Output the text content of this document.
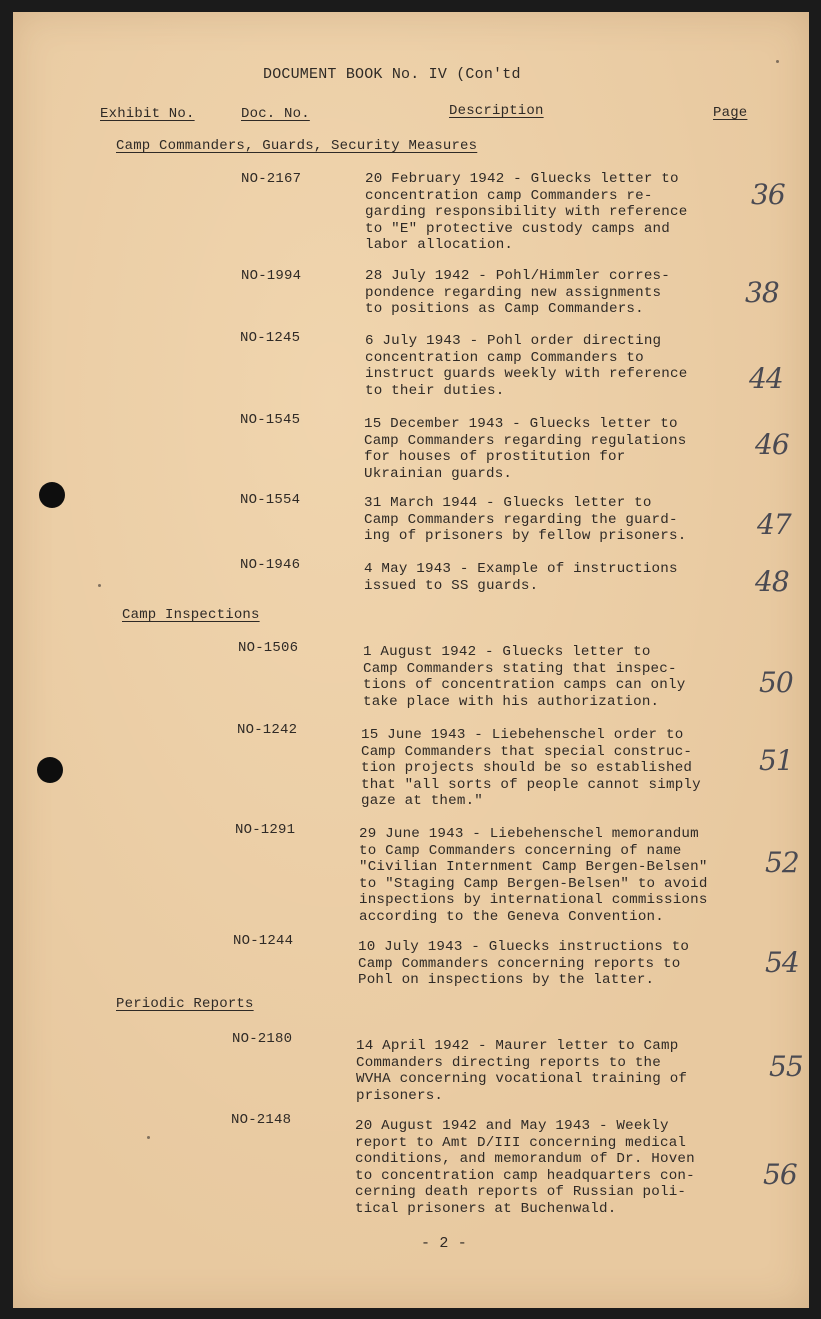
DOCUMENT BOOK No. IV (Con'td
Exhibit No.	Doc. No.	Description	Page
Camp Commanders, Guards, Security Measures
NO-2167	20 February 1942 - Gluecks letter to
concentration camp Commanders re-
garding responsibility with reference
to "E" protective custody camps and
labor allocation.
36
NO-1994	28 July 1942 - Pohl/Himmler corres-
pondence regarding new assignments
to positions as Camp Commanders.	38
NO-1245	6 July 1943 - Pohl order directing
concentration camp Commanders to
instruct guards weekly with reference
to their duties.	44
NO-1545	15 December 1943 - Gluecks letter to
Camp Commanders regarding regulations
for houses of prostitution for
Ukrainian guards.
46
NO-1554	31 March 1944 - Gluecks letter to
Camp Commanders regarding the guard-
ing of prisoners by fellow prisoners.	47
NO-1946	4 May 1943 - Example of instructions
issued to SS guards.	48
Camp Inspections
NO-1506	1 August 1942 - Gluecks letter to
Camp Commanders stating that inspec-
tions of concentration camps can only
take place with his authorization.
50
NO-1242	15 June 1943 - Liebehenschel order to
Camp Commanders that special construc-
tion projects should be so established
that "all sorts of people cannot simply
gaze at them."
51
NO-1291	29 June 1943 - Liebehenschel memorandum
to Camp Commanders concerning of name
"Civilian Internment Camp Bergen-Belsen"
to "Staging Camp Bergen-Belsen" to avoid
inspections by international commissions
according to the Geneva Convention.
52
NO-1244	10 July 1943 - Gluecks instructions to
Camp Commanders concerning reports to
Pohl on inspections by the latter.
54
Periodic Reports
NO-2180	14 April 1942 - Maurer letter to Camp
Commanders directing reports to the
WVHA concerning vocational training of
prisoners.
55
NO-2148	20 August 1942 and May 1943 - Weekly
report to Amt D/III concerning medical
conditions, and memorandum of Dr. Hoven
to concentration camp headquarters con-
cerning death reports of Russian poli-
tical prisoners at Buchenwald.
56
- 2 -
